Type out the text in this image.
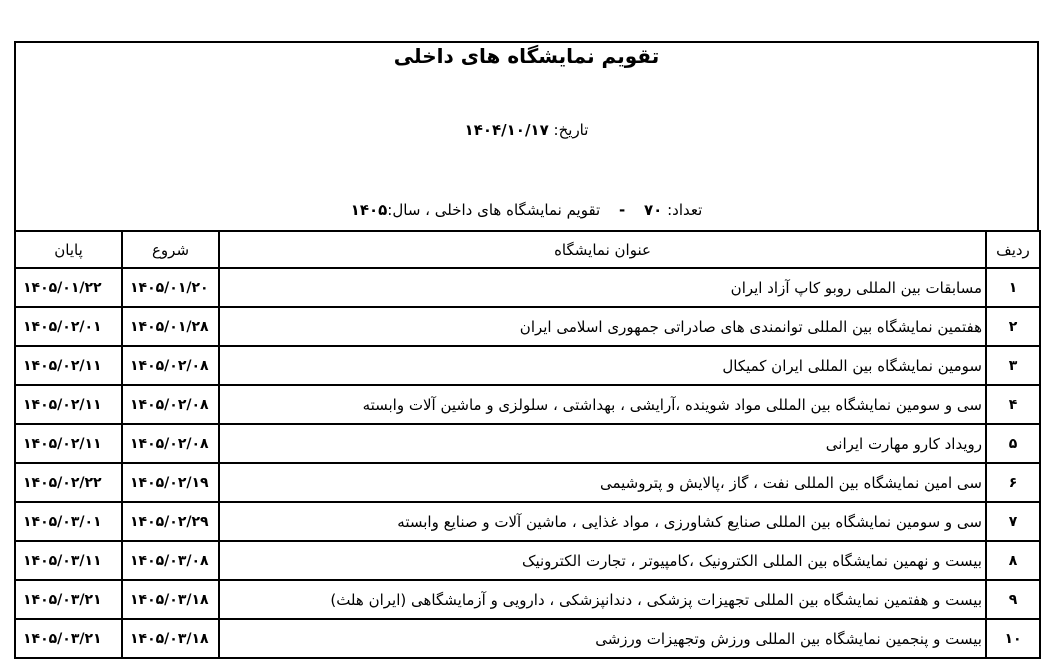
تقویم نمایشگاه های داخلی
تاریخ: ۱۴۰۴/۱۰/۱۷
تعداد: ۷۰ - تقویم نمایشگاه های داخلی ، سال:۱۴۰۵
ردیف	عنوان نمایشگاه	شروع	پایان
۱	مسابقات بین المللی روبو کاپ آزاد ایران	۱۴۰۵/۰۱/۲۰	۱۴۰۵/۰۱/۲۲
۲	هفتمین نمایشگاه بین المللی توانمندی های صادراتی جمهوری اسلامی ایران	۱۴۰۵/۰۱/۲۸	۱۴۰۵/۰۲/۰۱
۳	سومین نمایشگاه بین المللی ایران کمیکال	۱۴۰۵/۰۲/۰۸	۱۴۰۵/۰۲/۱۱
۴	سی و سومین نمایشگاه بین المللی مواد شوینده ،آرایشی ، بهداشتی ، سلولزی و ماشین آلات وابسته	۱۴۰۵/۰۲/۰۸	۱۴۰۵/۰۲/۱۱
۵	رویداد کارو مهارت ایرانی	۱۴۰۵/۰۲/۰۸	۱۴۰۵/۰۲/۱۱
۶	سی امین نمایشگاه بین المللی نفت ، گاز ،پالایش و پتروشیمی	۱۴۰۵/۰۲/۱۹	۱۴۰۵/۰۲/۲۲
۷	سی و سومین نمایشگاه بین المللی صنایع کشاورزی ، مواد غذایی ، ماشین آلات و صنایع وابسته	۱۴۰۵/۰۲/۲۹	۱۴۰۵/۰۳/۰۱
۸	بیست و نهمین نمایشگاه بین المللی الکترونیک ،کامپیوتر ، تجارت الکترونیک	۱۴۰۵/۰۳/۰۸	۱۴۰۵/۰۳/۱۱
۹	بیست و هفتمین نمایشگاه بین المللی تجهیزات پزشکی ، دندانپزشکی ، دارویی و آزمایشگاهی (ایران هلث)	۱۴۰۵/۰۳/۱۸	۱۴۰۵/۰۳/۲۱
۱۰	بیست و پنجمین نمایشگاه بین المللی ورزش وتجهیزات ورزشی	۱۴۰۵/۰۳/۱۸	۱۴۰۵/۰۳/۲۱
